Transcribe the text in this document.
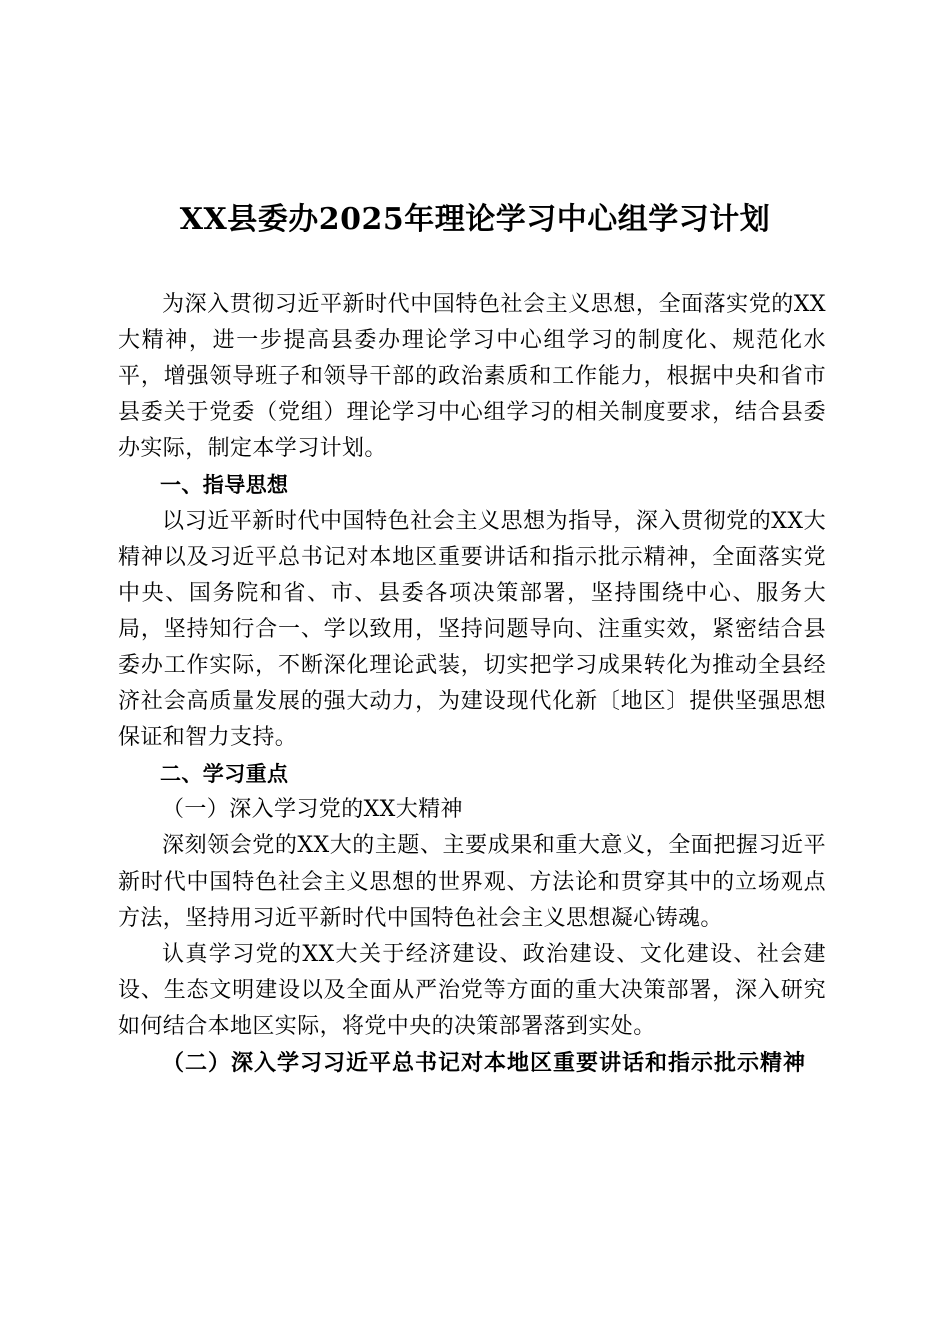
XX县委办2025年理论学习中心组学习计划

为深入贯彻习近平新时代中国特色社会主义思想，全面落实党的XX大精神，进一步提高县委办理论学习中心组学习的制度化、规范化水平，增强领导班子和领导干部的政治素质和工作能力，根据中央和省市县委关于党委（党组）理论学习中心组学习的相关制度要求，结合县委办实际，制定本学习计划。

一、指导思想

以习近平新时代中国特色社会主义思想为指导，深入贯彻党的XX大精神以及习近平总书记对本地区重要讲话和指示批示精神，全面落实党中央、国务院和省、市、县委各项决策部署，坚持围绕中心、服务大局，坚持知行合一、学以致用，坚持问题导向、注重实效，紧密结合县委办工作实际，不断深化理论武装，切实把学习成果转化为推动全县经济社会高质量发展的强大动力，为建设现代化新〔地区〕提供坚强思想保证和智力支持。

二、学习重点

（一）深入学习党的XX大精神

深刻领会党的XX大的主题、主要成果和重大意义，全面把握习近平新时代中国特色社会主义思想的世界观、方法论和贯穿其中的立场观点方法，坚持用习近平新时代中国特色社会主义思想凝心铸魂。

认真学习党的XX大关于经济建设、政治建设、文化建设、社会建设、生态文明建设以及全面从严治党等方面的重大决策部署，深入研究如何结合本地区实际，将党中央的决策部署落到实处。

（二）深入学习习近平总书记对本地区重要讲话和指示批示精神
